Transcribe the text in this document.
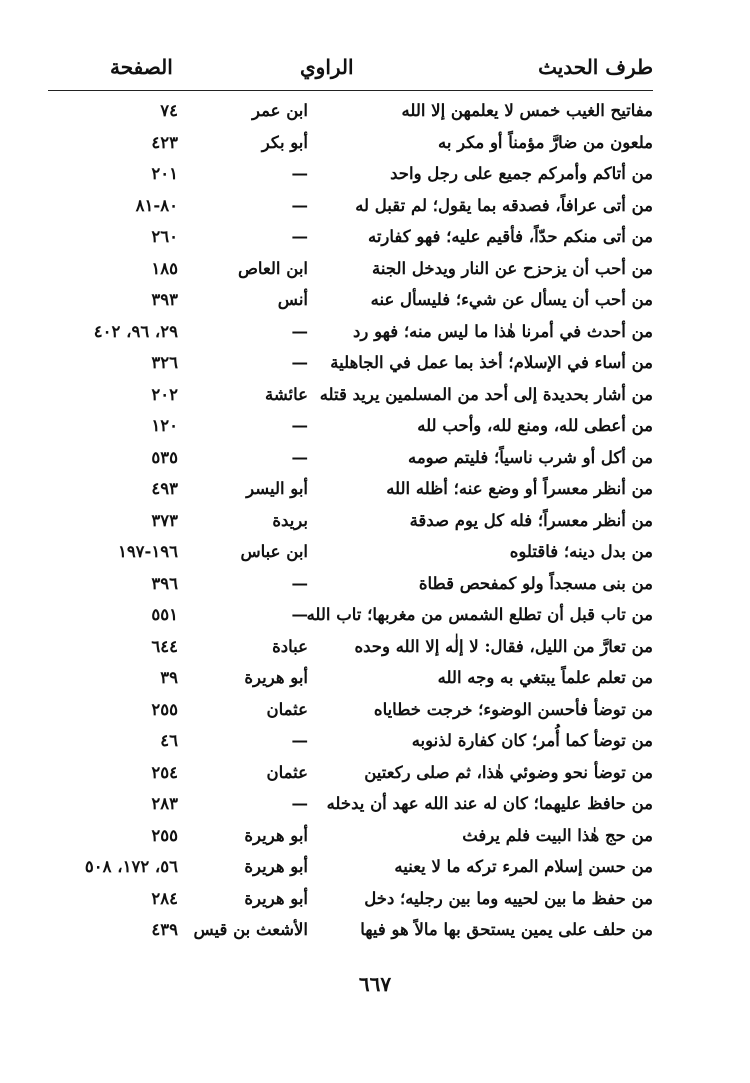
طرف الحديث
الراوي
الصفحة
مفاتيح الغيب خمس لا يعلمهن إلا الله
ابن عمر
٧٤
ملعون من ضارَّ مؤمناً أو مكر به
أبو بكر
٤٢٣
من أتاكم وأمركم جميع على رجل واحد
—
٢٠١
من أتى عرافاً، فصدقه بما يقول؛ لم تقبل له
—
٨٠-٨١
من أتى منكم حدّاً، فأقيم عليه؛ فهو كفارته
—
٢٦٠
من أحب أن يزحزح عن النار ويدخل الجنة
ابن العاص
١٨٥
من أحب أن يسأل عن شيء؛ فليسأل عنه
أنس
٣٩٣
من أحدث في أمرنا هٰذا ما ليس منه؛ فهو رد
—
٢٩، ٩٦، ٤٠٢
من أساء في الإسلام؛ أخذ بما عمل في الجاهلية
—
٣٢٦
من أشار بحديدة إلى أحد من المسلمين يريد قتله
عائشة
٢٠٢
من أعطى لله، ومنع لله، وأحب لله
—
١٢٠
من أكل أو شرب ناسياً؛ فليتم صومه
—
٥٣٥
من أنظر معسراً أو وضع عنه؛ أظله الله
أبو اليسر
٤٩٣
من أنظر معسراً؛ فله كل يوم صدقة
بريدة
٣٧٣
من بدل دينه؛ فاقتلوه
ابن عباس
١٩٦-١٩٧
من بنى مسجداً ولو كمفحص قطاة
—
٣٩٦
من تاب قبل أن تطلع الشمس من مغربها؛ تاب الله
—
٥٥١
من تعارَّ من الليل، فقال: لا إلٰه إلا الله وحده
عبادة
٦٤٤
من تعلم علماً يبتغي به وجه الله
أبو هريرة
٣٩
من توضأ فأحسن الوضوء؛ خرجت خطاياه
عثمان
٢٥٥
من توضأ كما أُمر؛ كان كفارة لذنوبه
—
٤٦
من توضأ نحو وضوئي هٰذا، ثم صلى ركعتين
عثمان
٢٥٤
من حافظ عليهما؛ كان له عند الله عهد أن يدخله
—
٢٨٣
من حج هٰذا البيت فلم يرفث
أبو هريرة
٢٥٥
من حسن إسلام المرء تركه ما لا يعنيه
أبو هريرة
٥٦، ١٧٢، ٥٠٨
من حفظ ما بين لحييه وما بين رجليه؛ دخل
أبو هريرة
٢٨٤
من حلف على يمين يستحق بها مالاً هو فيها
الأشعث بن قيس
٤٣٩
٦٦٧
